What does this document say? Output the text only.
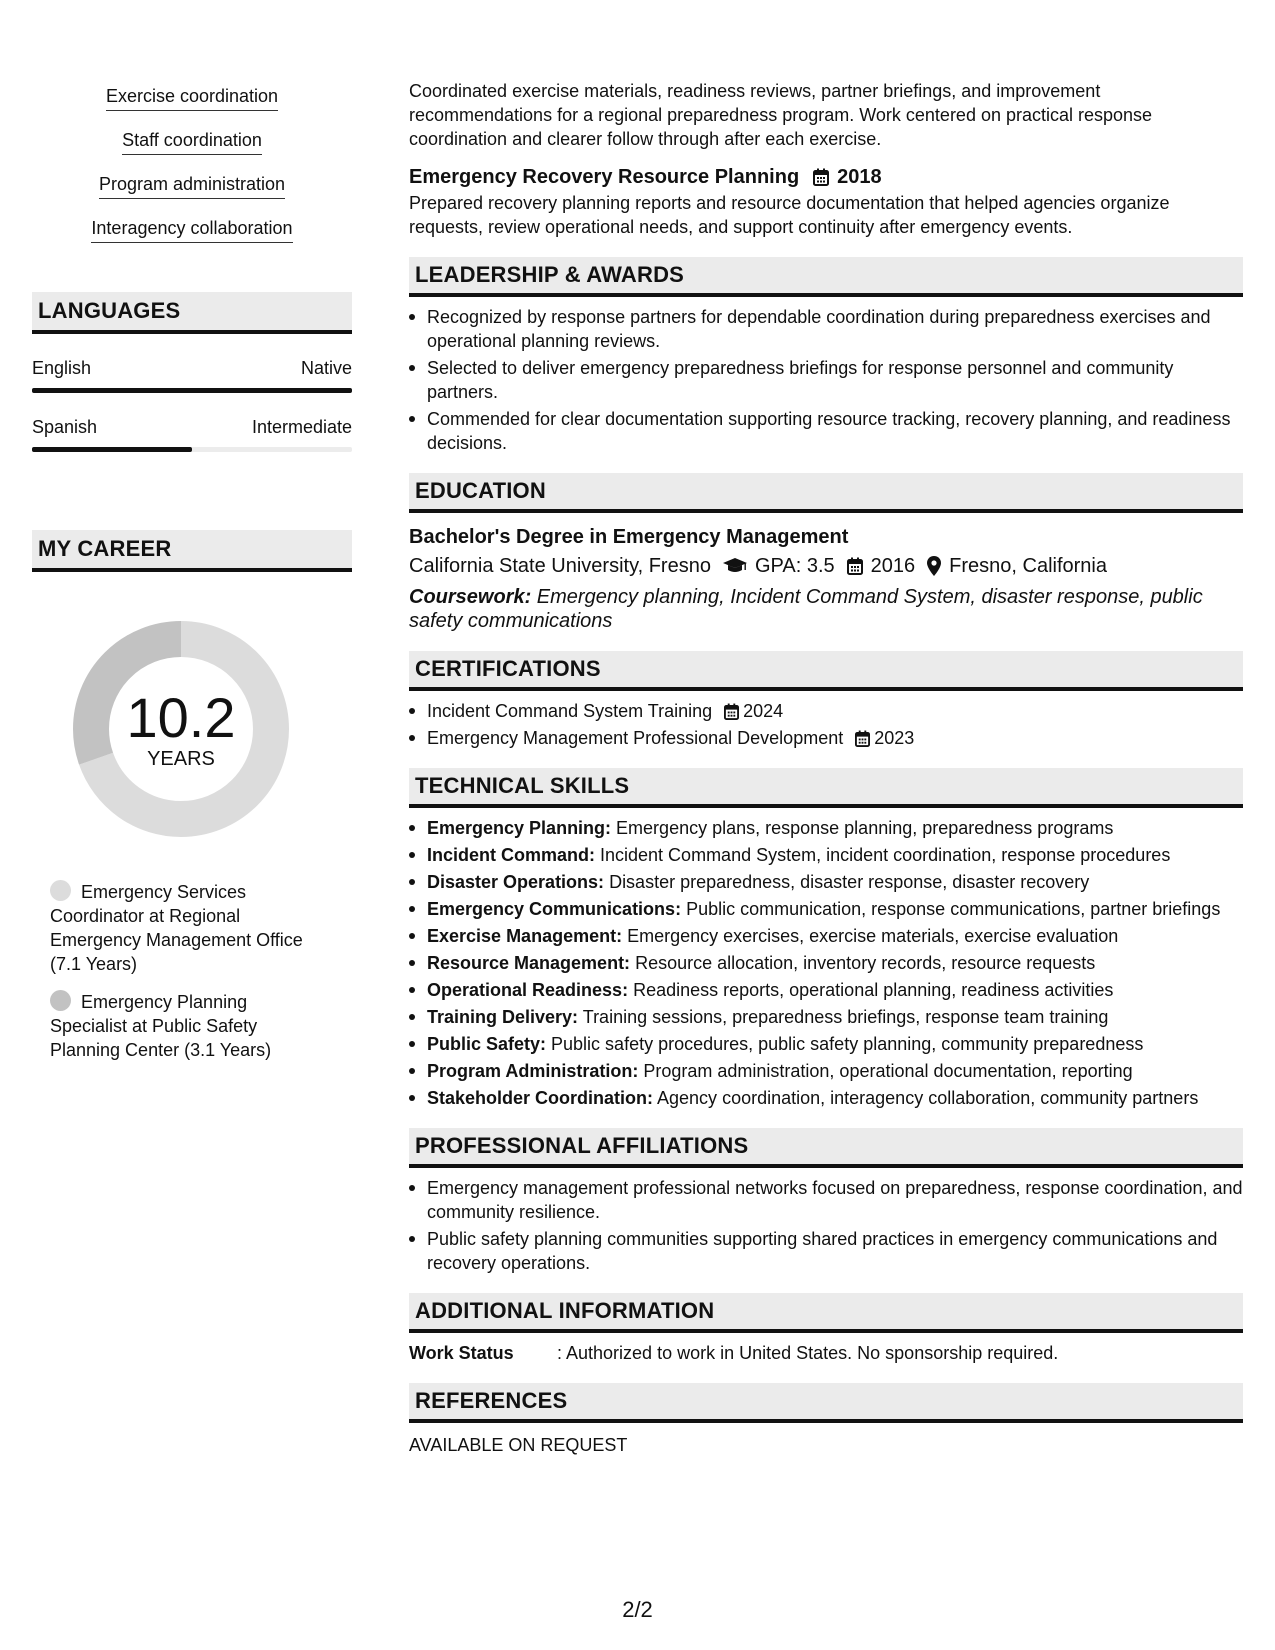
Exercise coordination
Staff coordination
Program administration
Interagency collaboration
LANGUAGES
English	Native
Spanish	Intermediate
MY CAREER
10.2
YEARS
Emergency Services Coordinator at Regional Emergency Management Office (7.1 Years)
Emergency Planning Specialist at Public Safety Planning Center (3.1 Years)

Coordinated exercise materials, readiness reviews, partner briefings, and improvement recommendations for a regional preparedness program. Work centered on practical response coordination and clearer follow through after each exercise.

Emergency Recovery Resource Planning 2018

Prepared recovery planning reports and resource documentation that helped agencies organize requests, review operational needs, and support continuity after emergency events.

LEADERSHIP & AWARDS
Recognized by response partners for dependable coordination during preparedness exercises and operational planning reviews.
Selected to deliver emergency preparedness briefings for response personnel and community partners.
Commended for clear documentation supporting resource tracking, recovery planning, and readiness decisions.
EDUCATION
Bachelor's Degree in Emergency Management
California State University, Fresno GPA: 3.5 2016 Fresno, California
Coursework: Emergency planning, Incident Command System, disaster response, public safety communications
CERTIFICATIONS
Incident Command System Training 2024
Emergency Management Professional Development 2023
TECHNICAL SKILLS
Emergency Planning: Emergency plans, response planning, preparedness programs
Incident Command: Incident Command System, incident coordination, response procedures
Disaster Operations: Disaster preparedness, disaster response, disaster recovery
Emergency Communications: Public communication, response communications, partner briefings
Exercise Management: Emergency exercises, exercise materials, exercise evaluation
Resource Management: Resource allocation, inventory records, resource requests
Operational Readiness: Readiness reports, operational planning, readiness activities
Training Delivery: Training sessions, preparedness briefings, response team training
Public Safety: Public safety procedures, public safety planning, community preparedness
Program Administration: Program administration, operational documentation, reporting
Stakeholder Coordination: Agency coordination, interagency collaboration, community partners
PROFESSIONAL AFFILIATIONS
Emergency management professional networks focused on preparedness, response coordination, and community resilience.
Public safety planning communities supporting shared practices in emergency communications and recovery operations.
ADDITIONAL INFORMATION
Work Status	: Authorized to work in United States. No sponsorship required.
REFERENCES
AVAILABLE ON REQUEST
2/2
